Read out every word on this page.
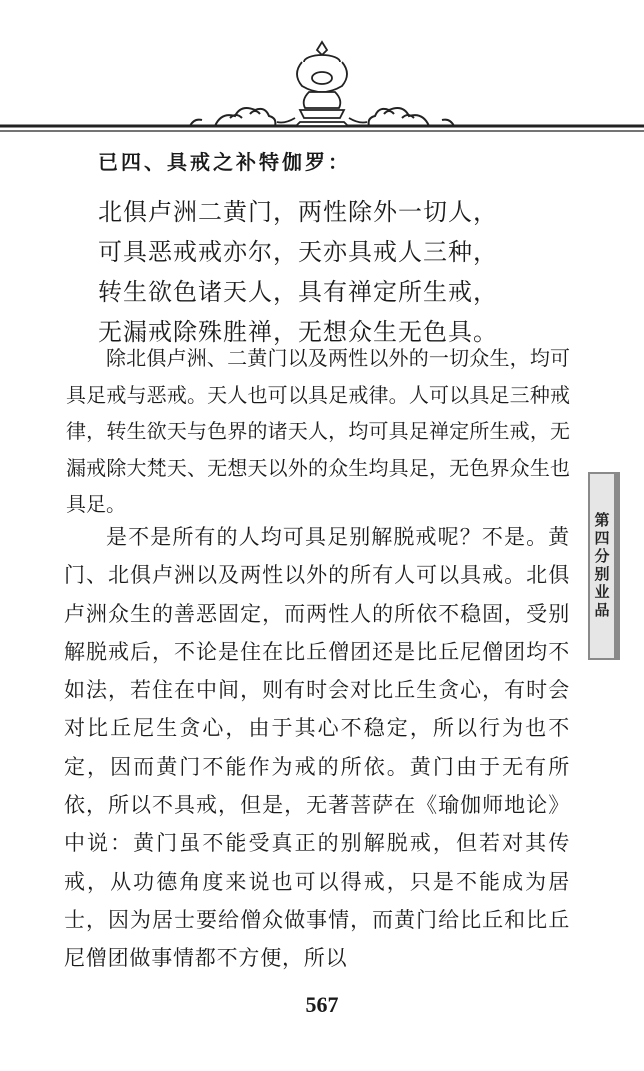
已四、具戒之补特伽罗：
北俱卢洲二黄门，两性除外一切人，
可具恶戒戒亦尔，天亦具戒人三种，
转生欲色诸天人，具有禅定所生戒，
无漏戒除殊胜禅，无想众生无色具。
除北俱卢洲、二黄门以及两性以外的一切众生，均可具足戒与恶戒。天人也可以具足戒律。人可以具足三种戒律，转生欲天与色界的诸天人，均可具足禅定所生戒，无漏戒除大梵天、无想天以外的众生均具足，无色界众生也具足。
是不是所有的人均可具足别解脱戒呢？不是。黄门、北俱卢洲以及两性以外的所有人可以具戒。北俱卢洲众生的善恶固定，而两性人的所依不稳固，受别解脱戒后，不论是住在比丘僧团还是比丘尼僧团均不如法，若住在中间，则有时会对比丘生贪心，有时会对比丘尼生贪心，由于其心不稳定，所以行为也不定，因而黄门不能作为戒的所依。黄门由于无有所依，所以不具戒，但是，无著菩萨在《瑜伽师地论》中说：黄门虽不能受真正的别解脱戒，但若对其传戒，从功德角度来说也可以得戒，只是不能成为居士，因为居士要给僧众做事情，而黄门给比丘和比丘尼僧团做事情都不方便，所以
第四分别业品
567
